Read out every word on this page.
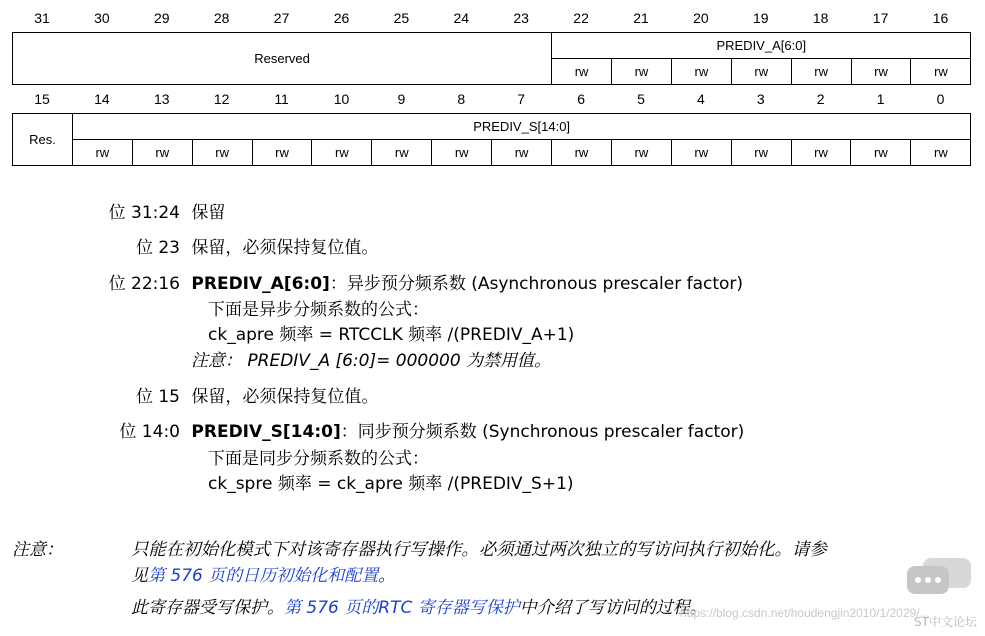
31	30	29	28	27	26	25	24	23	22	21	20	19	18	17	16
Reserved	PREDIV_A[6:0]						
	rw	rw	rw	rw	rw	rw	rw
15	14	13	12	11	10	9	8	7	6	5	4	3	2	1	0
Res.	PREDIV_S[14:0]														
	rw	rw	rw	rw	rw	rw	rw	rw	rw	rw	rw	rw	rw	rw	rw
位 31:24 保留
位 23 保留，必须保持复位值。
位 22:16 PREDIV_A[6:0]：异步预分频系数 (Asynchronous prescaler factor)
下面是异步分频系数的公式：
ck_apre 频率 = RTCCLK 频率 /(PREDIV_A+1)
注意： PREDIV_A [6:0]= 000000 为禁用值。
位 15 保留，必须保持复位值。
位 14:0 PREDIV_S[14:0]：同步预分频系数 (Synchronous prescaler factor)
下面是同步分频系数的公式：
ck_spre 频率 = ck_apre 频率 /(PREDIV_S+1)
注意：	只能在初始化模式下对该寄存器执行写操作。必须通过两次独立的写访问执行初始化。请参
见第 576 页的日历初始化和配置。
此寄存器受写保护。第 576 页的RTC 寄存器写保护中介绍了写访问的过程。
https://blog.csdn.net/houdengjin2010/1/2029/...
ST中文论坛
